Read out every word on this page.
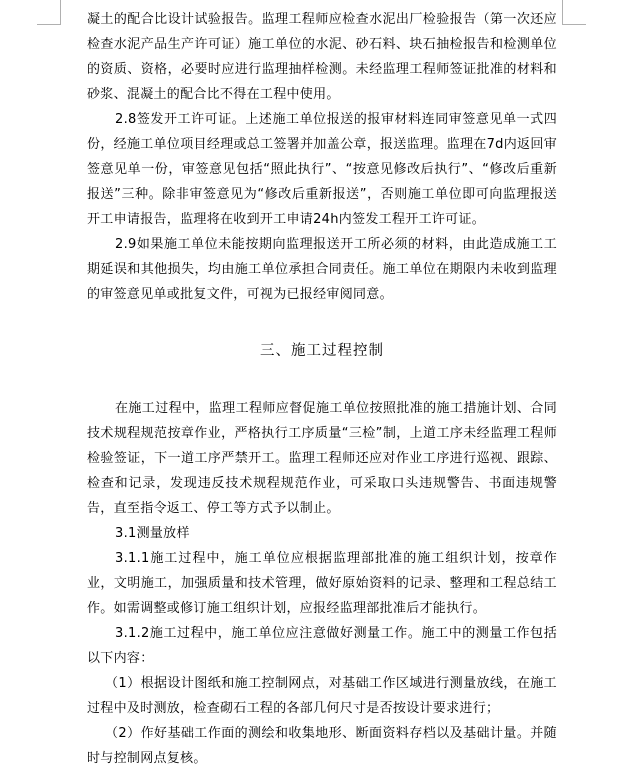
凝土的配合比设计试验报告。监理工程师应检查水泥出厂检验报告（第一次还应检查水泥产品生产许可证）施工单位的水泥、砂石料、块石抽检报告和检测单位的资质、资格，必要时应进行监理抽样检测。未经监理工程师签证批准的材料和砂浆、混凝土的配合比不得在工程中使用。

2.8签发开工许可证。上述施工单位报送的报审材料连同审签意见单一式四份，经施工单位项目经理或总工签署并加盖公章，报送监理。监理在7d内返回审签意见单一份，审签意见包括“照此执行”、“按意见修改后执行”、“修改后重新报送”三种。除非审签意见为“修改后重新报送”，否则施工单位即可向监理报送开工申请报告，监理将在收到开工申请24h内签发工程开工许可证。

2.9如果施工单位未能按期向监理报送开工所必须的材料，由此造成施工工期延误和其他损失，均由施工单位承担合同责任。施工单位在期限内未收到监理的审签意见单或批复文件，可视为已报经审阅同意。

三、施工过程控制

在施工过程中，监理工程师应督促施工单位按照批准的施工措施计划、合同技术规程规范按章作业，严格执行工序质量“三检”制，上道工序未经监理工程师检验签证，下一道工序严禁开工。监理工程师还应对作业工序进行巡视、跟踪、检查和记录，发现违反技术规程规范作业，可采取口头违规警告、书面违规警告，直至指令返工、停工等方式予以制止。

3.1测量放样

3.1.1施工过程中，施工单位应根据监理部批准的施工组织计划，按章作业，文明施工，加强质量和技术管理，做好原始资料的记录、整理和工程总结工作。如需调整或修订施工组织计划，应报经监理部批准后才能执行。

3.1.2施工过程中，施工单位应注意做好测量工作。施工中的测量工作包括以下内容：

（1）根据设计图纸和施工控制网点，对基础工作区域进行测量放线，在施工过程中及时测放，检查砌石工程的各部几何尺寸是否按设计要求进行；

（2）作好基础工作面的测绘和收集地形、断面资料存档以及基础计量。并随时与控制网点复核。
